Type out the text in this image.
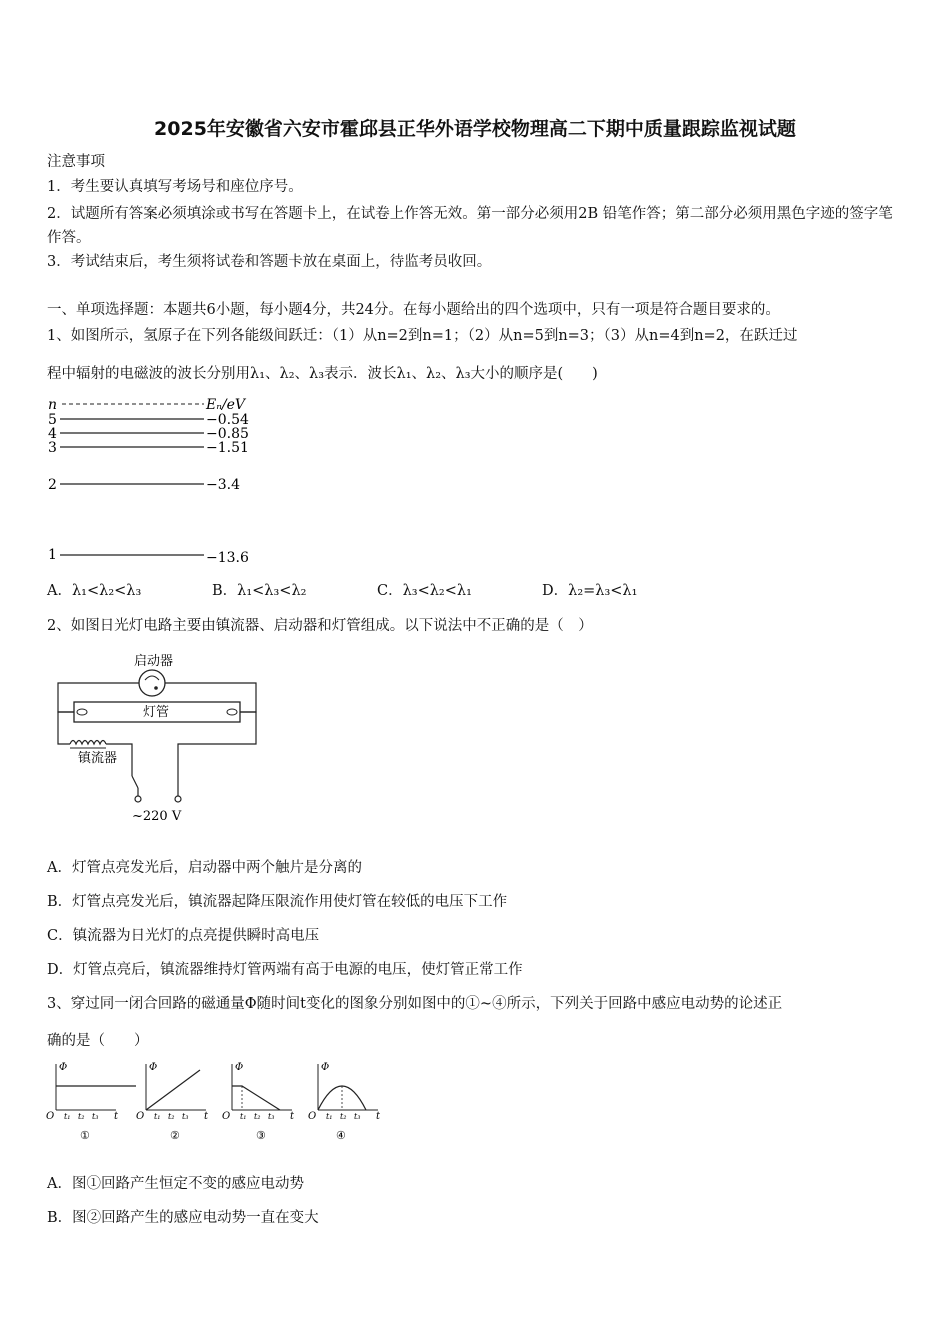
2025年安徽省六安市霍邱县正华外语学校物理高二下期中质量跟踪监视试题
注意事项
1．考生要认真填写考场号和座位序号。
2．试题所有答案必须填涂或书写在答题卡上，在试卷上作答无效。第一部分必须用2B 铅笔作答；第二部分必须用黑色字迹的签字笔作答。
3．考试结束后，考生须将试卷和答题卡放在桌面上，待监考员收回。
一、单项选择题：本题共6小题，每小题4分，共24分。在每小题给出的四个选项中，只有一项是符合题目要求的。
1、如图所示，氢原子在下列各能级间跃迁：（1）从n=2到n=1；（2）从n=5到n=3；（3）从n=4到n=2，在跃迁过
程中辐射的电磁波的波长分别用λ₁、λ₂、λ₃表示．波长λ₁、λ₂、λ₃大小的顺序是(　　)
n	Eₙ/eV
5	−0.54
4	−0.85
3	−1.51
2	−3.4
1	−13.6
A．λ₁<λ₂<λ₃	B．λ₁<λ₃<λ₂	C．λ₃<λ₂<λ₁	D．λ₂=λ₃<λ₁
2、如图日光灯电路主要由镇流器、启动器和灯管组成。以下说法中不正确的是（　）
启动器
灯管
镇流器
~220 V
A．灯管点亮发光后，启动器中两个触片是分离的
B．灯管点亮发光后，镇流器起降压限流作用使灯管在较低的电压下工作
C．镇流器为日光灯的点亮提供瞬时高电压
D．灯管点亮后，镇流器维持灯管两端有高于电源的电压，使灯管正常工作
3、穿过同一闭合回路的磁通量Φ随时间t变化的图象分别如图中的①~④所示，下列关于回路中感应电动势的论述正
确的是（　　）
Φ
O	t
t₁ t₂ t₃
①
Φ
O	t
t₁ t₂ t₃
②
Φ
O	t
t₁ t₂ t₃
③
Φ
O	t
t₁ t₂ t₃
④
A．图①回路产生恒定不变的感应电动势
B．图②回路产生的感应电动势一直在变大
